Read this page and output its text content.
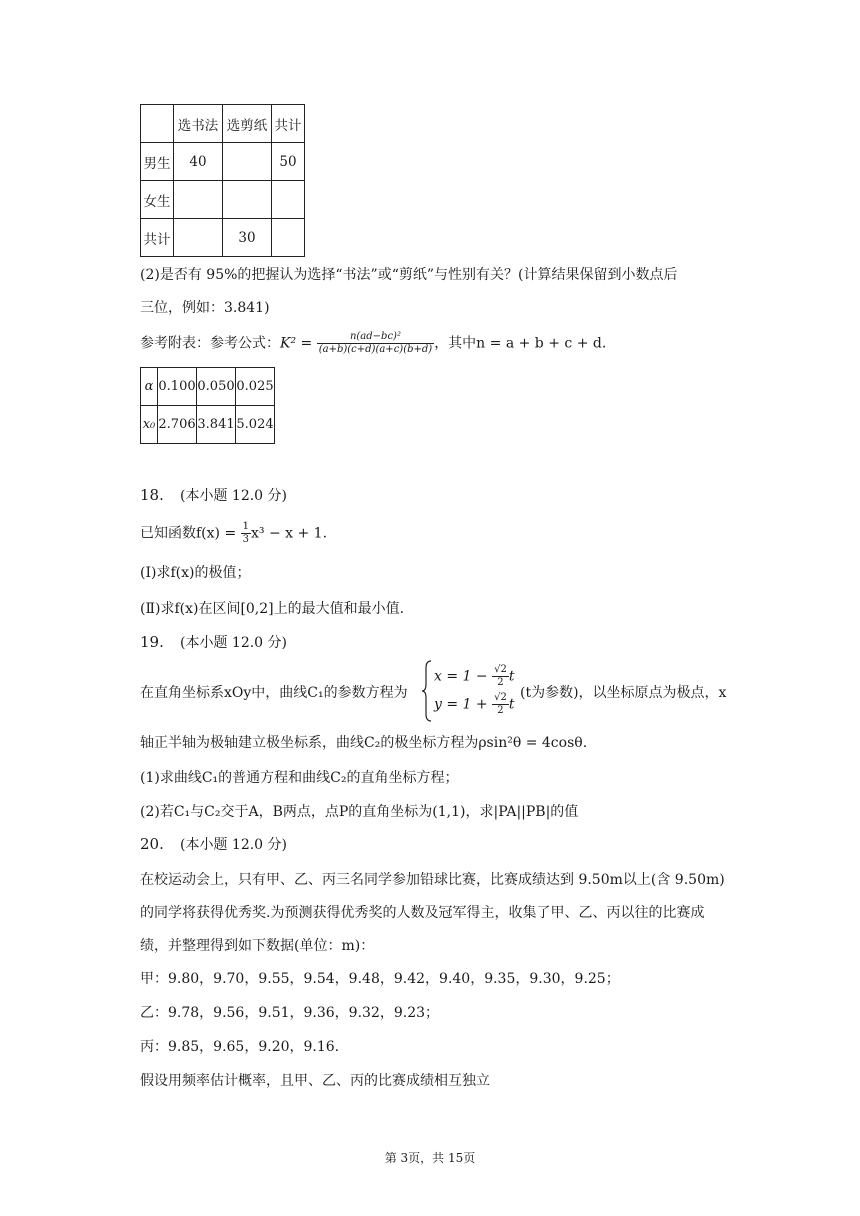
	选书法	选剪纸	共计
男生	40		50
女生			
共计		30	
(2)是否有 95%的把握认为选择“书法”或“剪纸”与性别有关？(计算结果保留到小数点后
三位，例如：3.841)
参考附表：参考公式：$K^2 = \frac{\text{n(ad−bc)²}}{(a+b)(c+d)(a+c)(b+d)}$ ，其中n = a + b + c + d.
α	0.100	0.050	0.025
x₀	2.706	3.841	5.024
18. (本小题 12.0 分)
已知函数$f(x) = \frac{1}{3} x^3 - x + 1$.
(Ⅰ)求f(x)的极值；
(Ⅱ)求f(x)在区间[0,2]上的最大值和最小值.
19. (本小题 12.0 分)
在直角坐标系xOy中，曲线C₁的参数方程为
$x = 1 - \frac{√2}{2}$ t
$y = 1 + \frac{√2}{2}$ t
(t为参数)，以坐标原点为极点，x
轴正半轴为极轴建立极坐标系，曲线C₂的极坐标方程为ρsin²θ = 4cosθ.
(1)求曲线C₁的普通方程和曲线C₂的直角坐标方程；
(2)若C₁与C₂交于A，B两点，点P的直角坐标为(1,1)，求|PA||PB|的值
20. (本小题 12.0 分)
在校运动会上，只有甲、乙、丙三名同学参加铅球比赛，比赛成绩达到 9.50m以上(含 9.50m)
的同学将获得优秀奖.为预测获得优秀奖的人数及冠军得主，收集了甲、乙、丙以往的比赛成
绩，并整理得到如下数据(单位：m)：
甲：9.80，9.70，9.55，9.54，9.48，9.42，9.40，9.35，9.30，9.25；
乙：9.78，9.56，9.51，9.36，9.32，9.23；
丙：9.85，9.65，9.20，9.16.
假设用频率估计概率，且甲、乙、丙的比赛成绩相互独立
第 3页，共 15页
